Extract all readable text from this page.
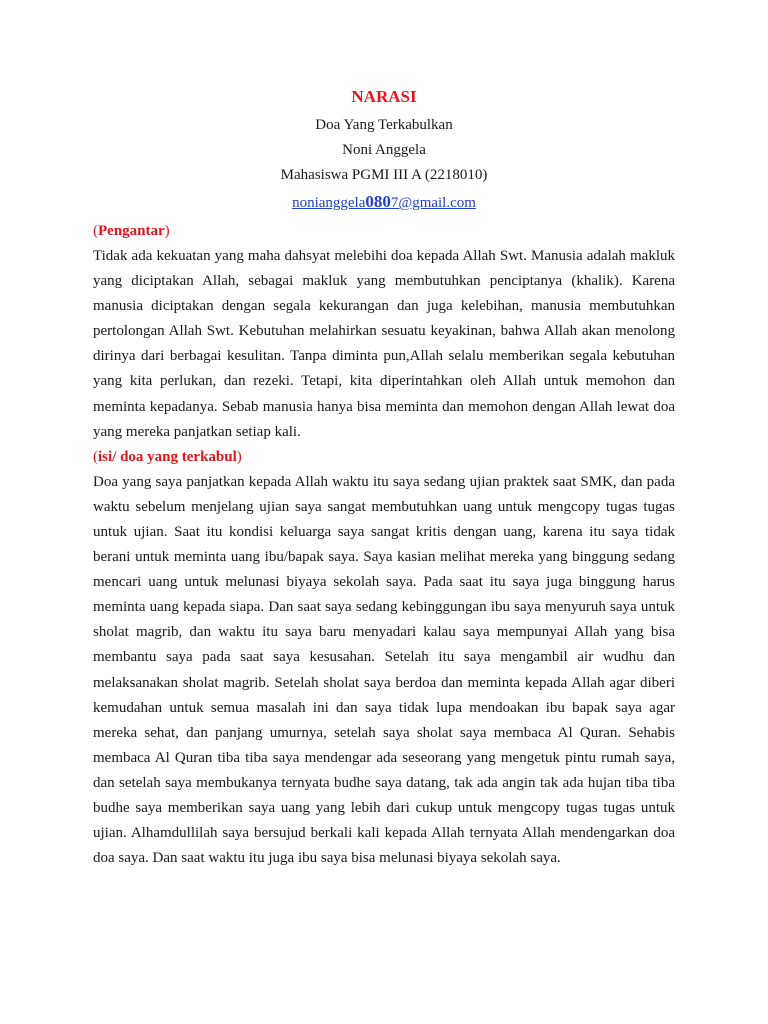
NARASI
Doa Yang Terkabulkan
Noni Anggela
Mahasiswa PGMI III A (2218010)
nonianggela0807@gmail.com
(Pengantar)

Tidak ada kekuatan yang maha dahsyat melebihi doa kepada Allah Swt. Manusia adalah makluk yang diciptakan Allah, sebagai makluk yang membutuhkan penciptanya (khalik). Karena manusia diciptakan dengan segala kekurangan dan juga kelebihan, manusia membutuhkan pertolongan Allah Swt. Kebutuhan melahirkan sesuatu keyakinan, bahwa Allah akan menolong dirinya dari berbagai kesulitan. Tanpa diminta pun,Allah selalu memberikan segala kebutuhan yang kita perlukan, dan rezeki. Tetapi, kita diperintahkan oleh Allah untuk memohon dan meminta kepadanya. Sebab manusia hanya bisa meminta dan memohon dengan Allah lewat doa yang mereka panjatkan setiap kali.

(isi/ doa yang terkabul)

Doa yang saya panjatkan kepada Allah waktu itu saya sedang ujian praktek saat SMK, dan pada waktu sebelum menjelang ujian saya sangat membutuhkan uang untuk mengcopy tugas tugas untuk ujian. Saat itu kondisi keluarga saya sangat kritis dengan uang, karena itu saya tidak berani untuk meminta uang ibu/bapak saya. Saya kasian melihat mereka yang binggung sedang mencari uang untuk melunasi biyaya sekolah saya. Pada saat itu saya juga binggung harus meminta uang kepada siapa. Dan saat saya sedang kebinggungan ibu saya menyuruh saya untuk sholat magrib, dan waktu itu saya baru menyadari kalau saya mempunyai Allah yang bisa membantu saya pada saat saya kesusahan. Setelah itu saya mengambil air wudhu dan melaksanakan sholat magrib. Setelah sholat saya berdoa dan meminta kepada Allah agar diberi kemudahan untuk semua masalah ini dan saya tidak lupa mendoakan ibu bapak saya agar mereka sehat, dan panjang umurnya, setelah saya sholat saya membaca Al Quran. Sehabis membaca Al Quran tiba tiba saya mendengar ada seseorang yang mengetuk pintu rumah saya, dan setelah saya membukanya ternyata budhe saya datang, tak ada angin tak ada hujan tiba tiba budhe saya memberikan saya uang yang lebih dari cukup untuk mengcopy tugas tugas untuk ujian. Alhamdullilah saya bersujud berkali kali kepada Allah ternyata Allah mendengarkan doa doa saya. Dan saat waktu itu juga ibu saya bisa melunasi biyaya sekolah saya.
